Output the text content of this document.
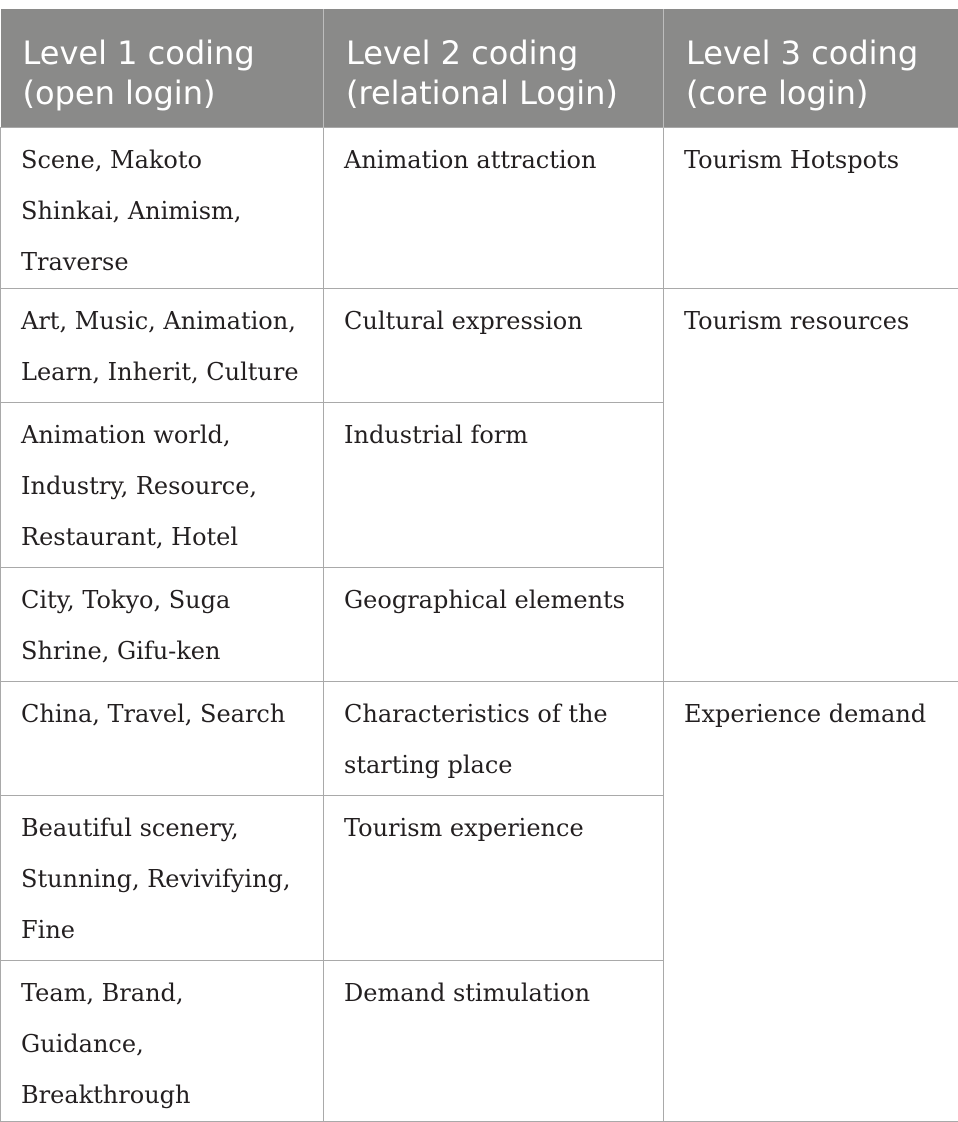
Level 1 coding (open login)	Level 2 coding (relational Login)	Level 3 coding (core login)
Scene, Makoto Shinkai, Animism, Traverse	Animation attraction	Tourism Hotspots
Art, Music, Animation, Learn, Inherit, Culture	Cultural expression	Tourism resources
Animation world, Industry, Resource, Restaurant, Hotel	Industrial form	
City, Tokyo, Suga Shrine, Gifu-ken	Geographical elements	
China, Travel, Search	Characteristics of the starting place	Experience demand
Beautiful scenery, Stunning, Revivifying, Fine	Tourism experience	
Team, Brand, Guidance, Breakthrough	Demand stimulation	
